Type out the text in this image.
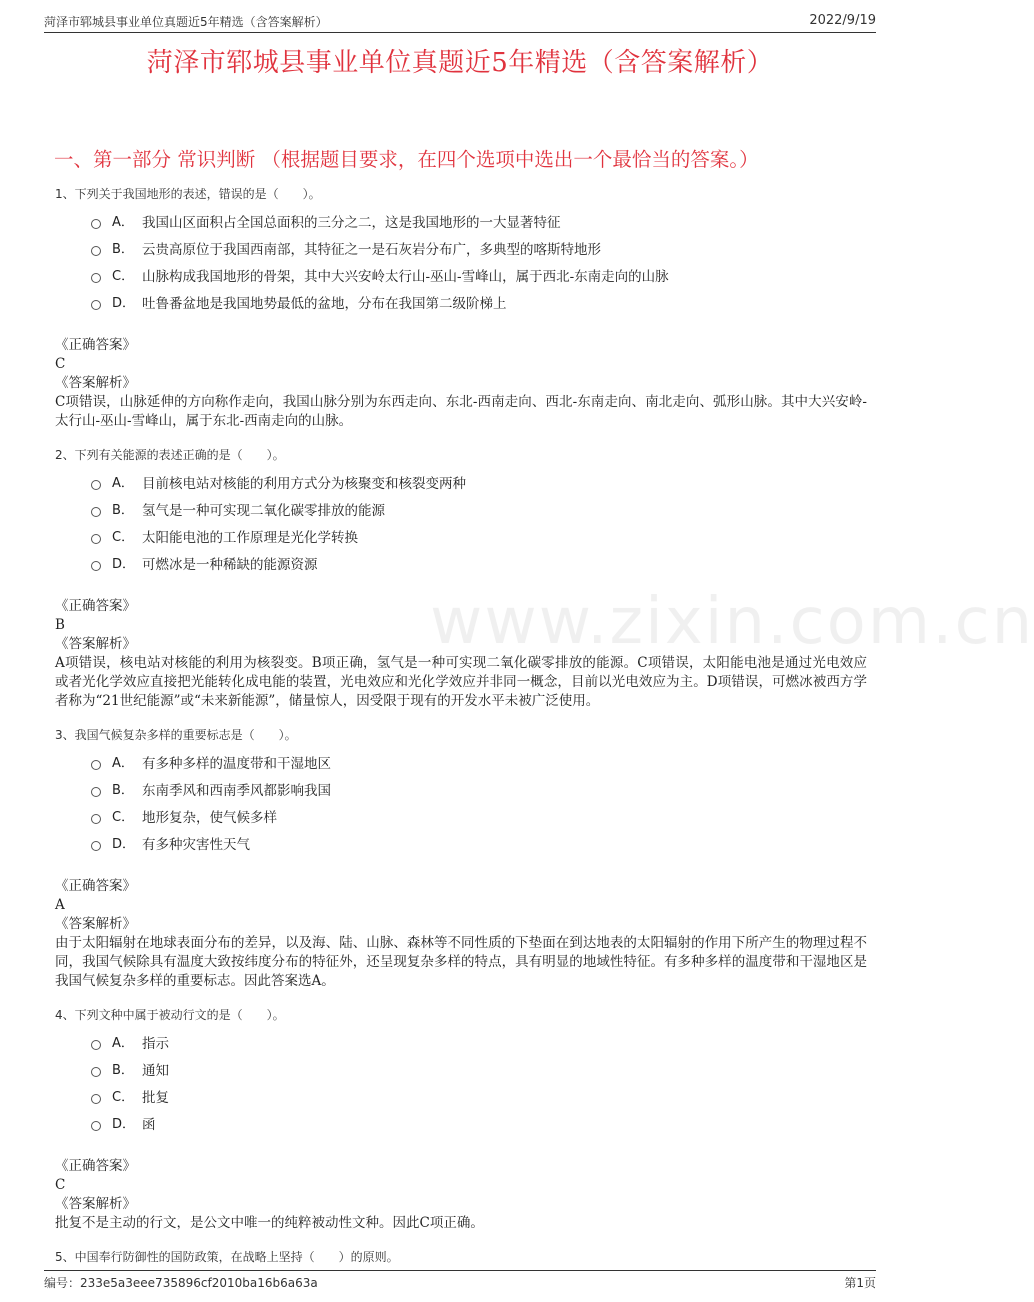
菏泽市郓城县事业单位真题近5年精选（含答案解析）	2022/9/19
菏泽市郓城县事业单位真题近5年精选（含答案解析）
一、第一部分 常识判断 （根据题目要求，在四个选项中选出一个最恰当的答案。）
www.zixin.com.cn
1、下列关于我国地形的表述，错误的是（　　）。
A． 我国山区面积占全国总面积的三分之二，这是我国地形的一大显著特征
B． 云贵高原位于我国西南部，其特征之一是石灰岩分布广，多典型的喀斯特地形
C． 山脉构成我国地形的骨架，其中大兴安岭太行山-巫山-雪峰山，属于西北-东南走向的山脉
D． 吐鲁番盆地是我国地势最低的盆地，分布在我国第二级阶梯上
《正确答案》
C
《答案解析》
C项错误，山脉延伸的方向称作走向，我国山脉分别为东西走向、东北-西南走向、西北-东南走向、南北走向、弧形山脉。其中大兴安岭-太行山-巫山-雪峰山，属于东北-西南走向的山脉。
2、下列有关能源的表述正确的是（　　）。
A． 目前核电站对核能的利用方式分为核聚变和核裂变两种
B． 氢气是一种可实现二氧化碳零排放的能源
C． 太阳能电池的工作原理是光化学转换
D． 可燃冰是一种稀缺的能源资源
《正确答案》
B
《答案解析》
A项错误，核电站对核能的利用为核裂变。B项正确，氢气是一种可实现二氧化碳零排放的能源。C项错误，太阳能电池是通过光电效应或者光化学效应直接把光能转化成电能的装置，光电效应和光化学效应并非同一概念，目前以光电效应为主。D项错误，可燃冰被西方学者称为“21世纪能源”或“未来新能源”，储量惊人，因受限于现有的开发水平未被广泛使用。
3、我国气候复杂多样的重要标志是（　　）。
A． 有多种多样的温度带和干湿地区
B． 东南季风和西南季风都影响我国
C． 地形复杂，使气候多样
D． 有多种灾害性天气
《正确答案》
A
《答案解析》
由于太阳辐射在地球表面分布的差异，以及海、陆、山脉、森林等不同性质的下垫面在到达地表的太阳辐射的作用下所产生的物理过程不同，我国气候除具有温度大致按纬度分布的特征外，还呈现复杂多样的特点，具有明显的地域性特征。有多种多样的温度带和干湿地区是我国气候复杂多样的重要标志。因此答案选A。
4、下列文种中属于被动行文的是（　　）。
A． 指示
B． 通知
C． 批复
D． 函
《正确答案》
C
《答案解析》
批复不是主动的行文，是公文中唯一的纯粹被动性文种。因此C项正确。
5、中国奉行防御性的国防政策，在战略上坚持（　　）的原则。
编号：233e5a3eee735896cf2010ba16b6a63a	第1页
